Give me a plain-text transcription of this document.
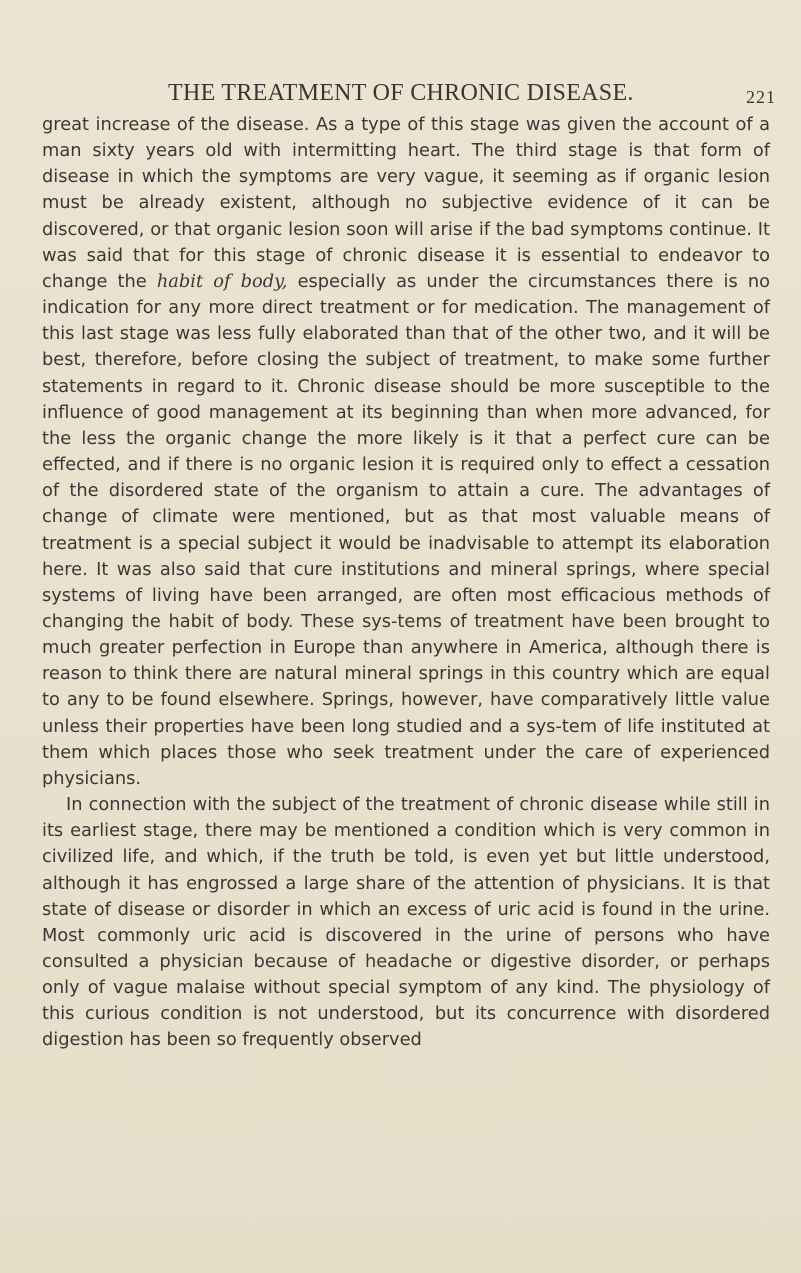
THE TREATMENT OF CHRONIC DISEASE.	221

great increase of the disease. As a type of this stage was given the account of a man sixty years old with intermitting heart. The third stage is that form of disease in which the symptoms are very vague, it seeming as if organic lesion must be already existent, although no subjective evidence of it can be discovered, or that organic lesion soon will arise if the bad symptoms continue. It was said that for this stage of chronic disease it is essential to endeavor to change the habit of body, especially as under the circumstances there is no indication for any more direct treatment or for medication. The management of this last stage was less fully elaborated than that of the other two, and it will be best, therefore, before closing the subject of treatment, to make some further statements in regard to it. Chronic disease should be more susceptible to the influence of good management at its beginning than when more advanced, for the less the organic change the more likely is it that a perfect cure can be effected, and if there is no organic lesion it is required only to effect a cessation of the disordered state of the organism to attain a cure. The advantages of change of climate were mentioned, but as that most valuable means of treatment is a special subject it would be inadvisable to attempt its elaboration here. It was also said that cure institutions and mineral springs, where special systems of living have been arranged, are often most efficacious methods of changing the habit of body. These sys-tems of treatment have been brought to much greater perfection in Europe than anywhere in America, although there is reason to think there are natural mineral springs in this country which are equal to any to be found elsewhere. Springs, however, have comparatively little value unless their properties have been long studied and a sys-tem of life instituted at them which places those who seek treatment under the care of experienced physicians.

In connection with the subject of the treatment of chronic disease while still in its earliest stage, there may be mentioned a condition which is very common in civilized life, and which, if the truth be told, is even yet but little understood, although it has engrossed a large share of the attention of physicians. It is that state of disease or disorder in which an excess of uric acid is found in the urine. Most commonly uric acid is discovered in the urine of persons who have consulted a physician because of headache or digestive disorder, or perhaps only of vague malaise without special symptom of any kind. The physiology of this curious condition is not understood, but its concurrence with disordered digestion has been so frequently observed
